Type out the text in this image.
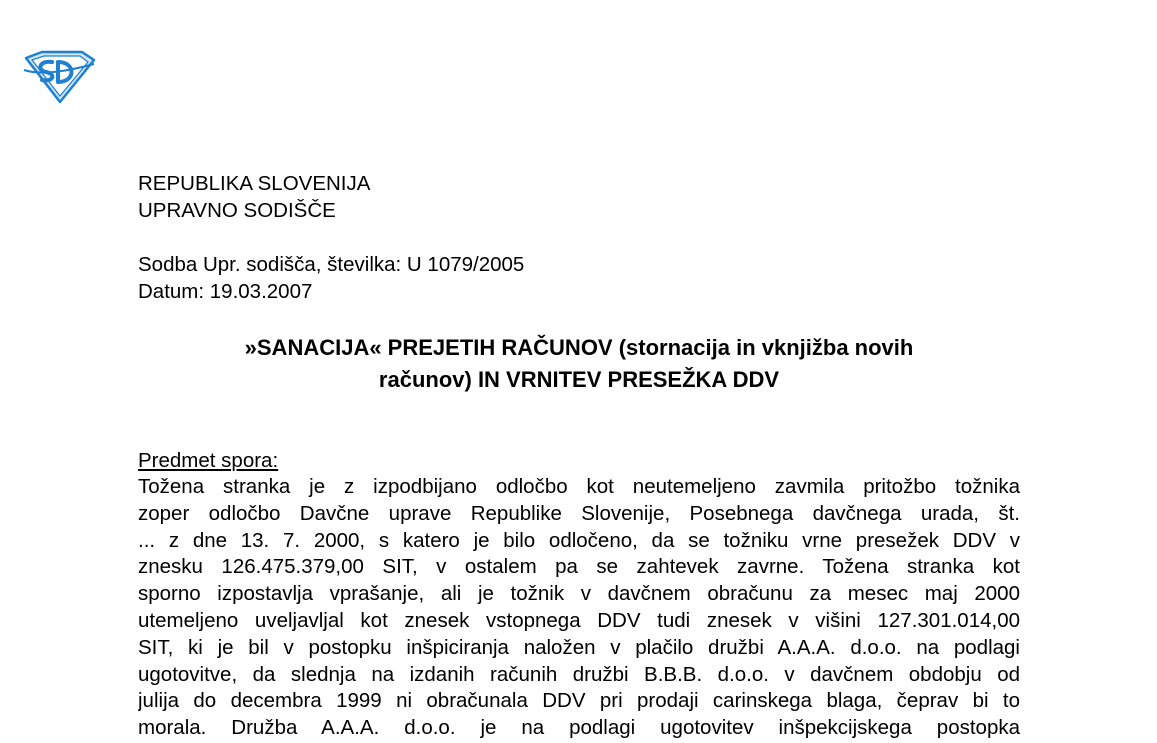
REPUBLIKA SLOVENIJA

UPRAVNO SODIŠČE

Sodba Upr. sodišča, številka: U 1079/2005

Datum: 19.03.2007

»SANACIJA« PREJETIH RAČUNOV (stornacija in vknjižba novih
računov) IN VRNITEV PRESEŽKA DDV
Predmet spora:
Tožena stranka je z izpodbijano odločbo kot neutemeljeno zavmila pritožbo tožnika
zoper odločbo Davčne uprave Republike Slovenije, Posebnega davčnega urada, št.
... z dne 13. 7. 2000, s katero je bilo odločeno, da se tožniku vrne presežek DDV v
znesku 126.475.379,00 SIT, v ostalem pa se zahtevek zavrne. Tožena stranka kot
sporno izpostavlja vprašanje, ali je tožnik v davčnem obračunu za mesec maj 2000
utemeljeno uveljavljal kot znesek vstopnega DDV tudi znesek v višini 127.301.014,00
SIT, ki je bil v postopku inšpiciranja naložen v plačilo družbi A.A.A. d.o.o. na podlagi
ugotovitve, da slednja na izdanih računih družbi B.B.B. d.o.o. v davčnem obdobju od
julija do decembra 1999 ni obračunala DDV pri prodaji carinskega blaga, čeprav bi to
morala. Družba A.A.A. d.o.o. je na podlagi ugotovitev inšpekcijskega postopka
